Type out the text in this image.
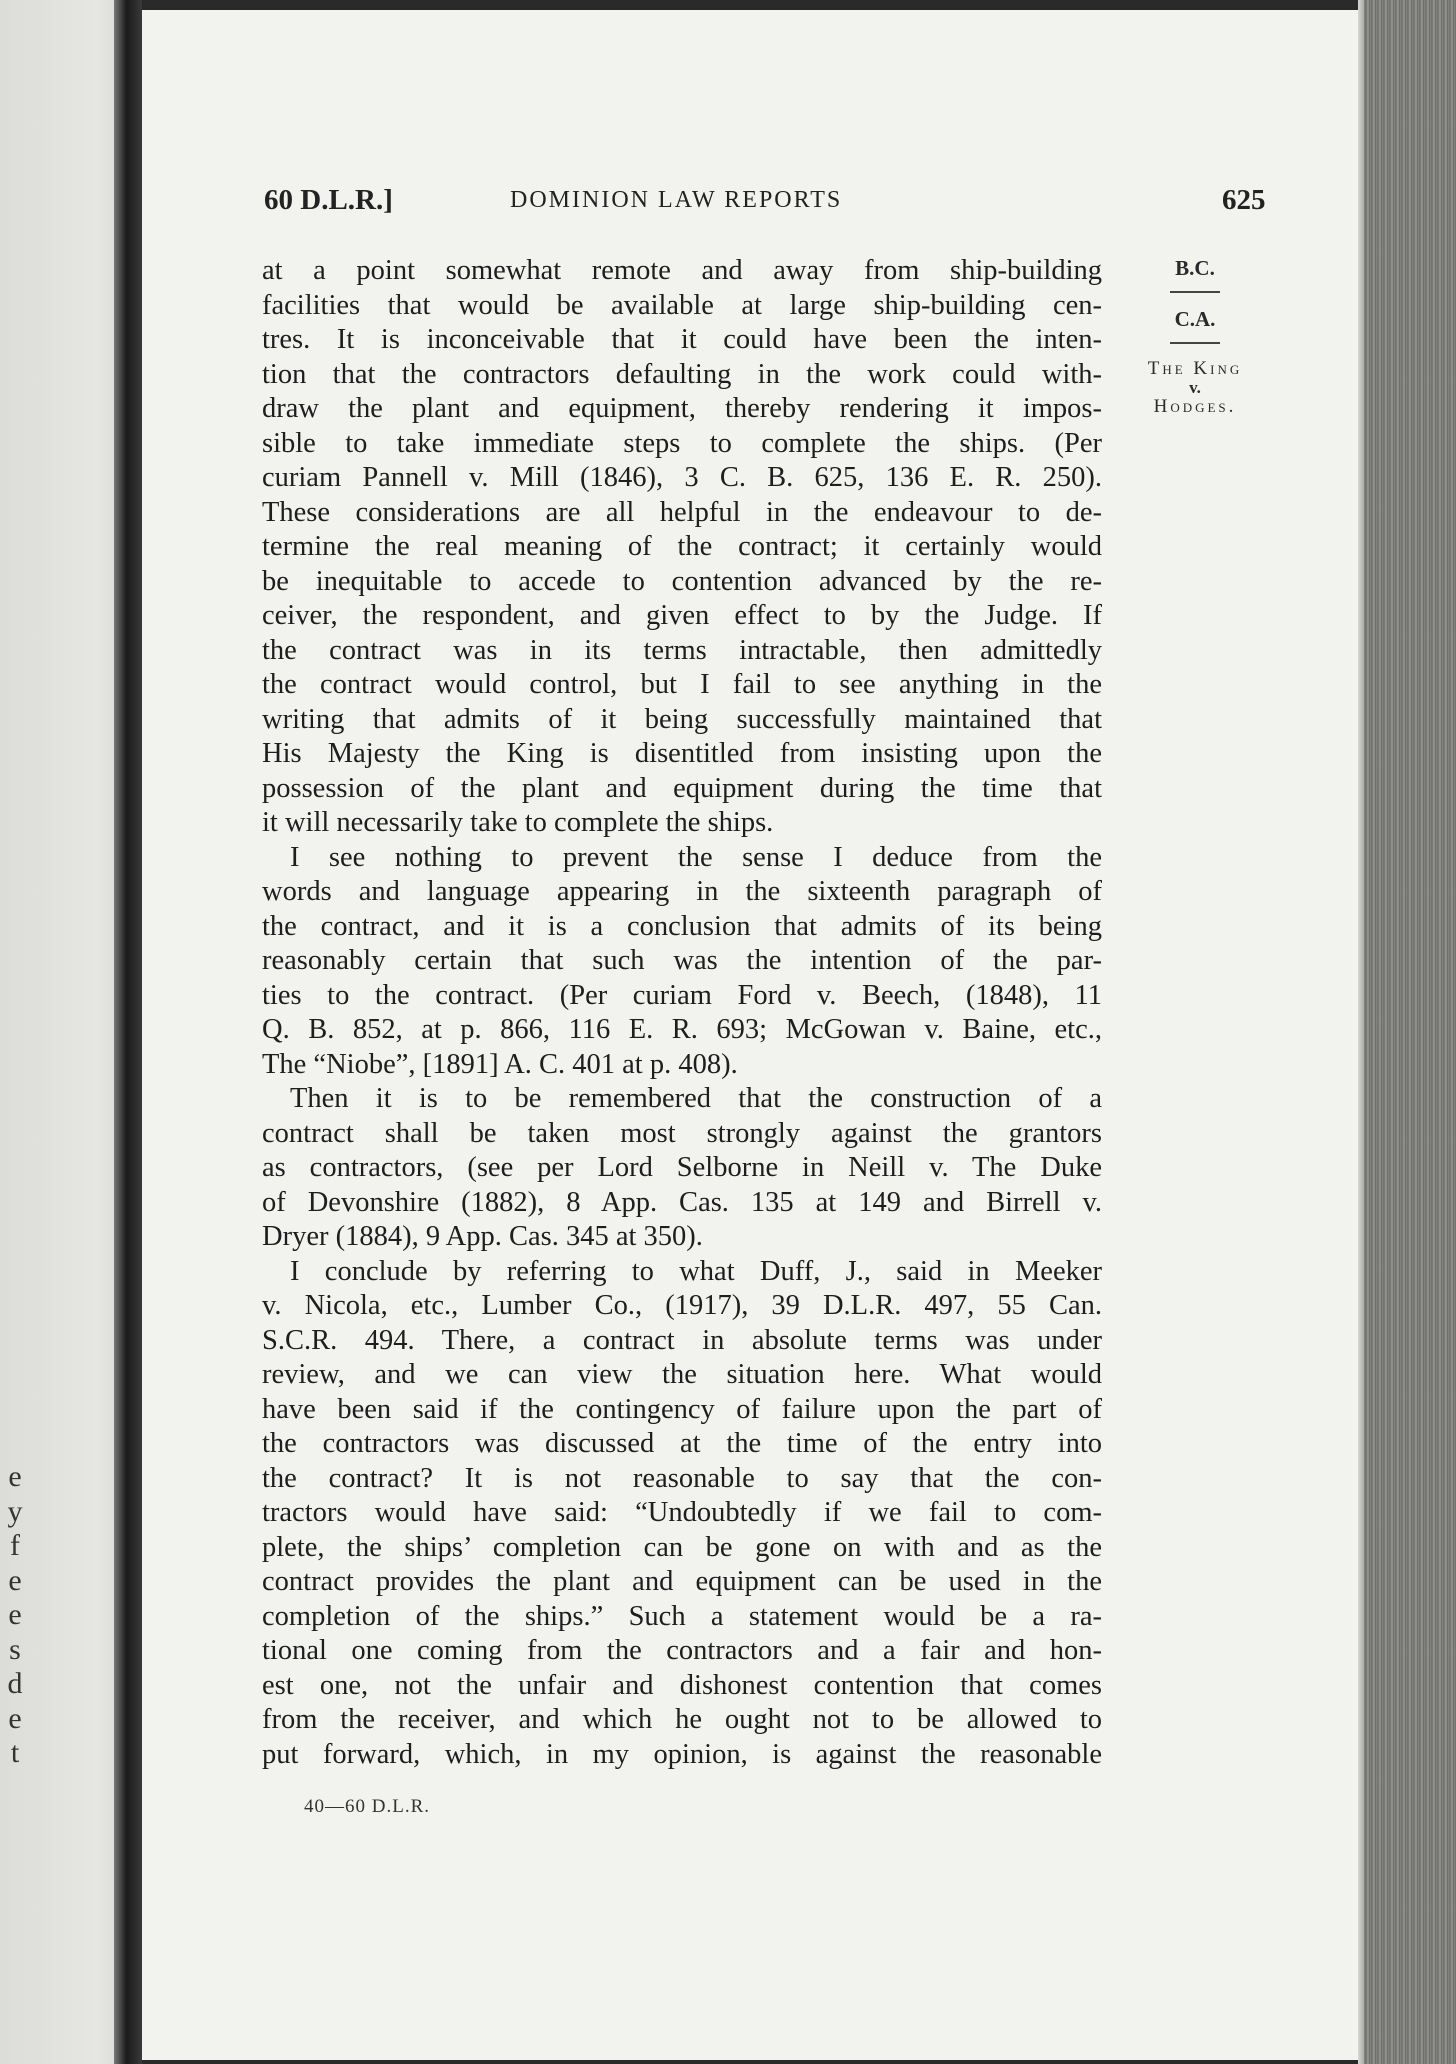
e
y
f
e
e
s
d
e
t
60 D.L.R.]	DOMINION LAW REPORTS	625
B.C.
C.A.
The King
v.
Hodges.
at a point somewhat remote and away from ship-building
facilities that would be available at large ship-building cen-
tres. It is inconceivable that it could have been the inten-
tion that the contractors defaulting in the work could with-
draw the plant and equipment, thereby rendering it impos-
sible to take immediate steps to complete the ships. (Per
curiam Pannell v. Mill (1846), 3 C. B. 625, 136 E. R. 250).
These considerations are all helpful in the endeavour to de-
termine the real meaning of the contract; it certainly would
be inequitable to accede to contention advanced by the re-
ceiver, the respondent, and given effect to by the Judge. If
the contract was in its terms intractable, then admittedly
the contract would control, but I fail to see anything in the
writing that admits of it being successfully maintained that
His Majesty the King is disentitled from insisting upon the
possession of the plant and equipment during the time that
it will necessarily take to complete the ships.
I see nothing to prevent the sense I deduce from the
words and language appearing in the sixteenth paragraph of
the contract, and it is a conclusion that admits of its being
reasonably certain that such was the intention of the par-
ties to the contract. (Per curiam Ford v. Beech, (1848), 11
Q. B. 852, at p. 866, 116 E. R. 693; McGowan v. Baine, etc.,
The “Niobe”, [1891] A. C. 401 at p. 408).
Then it is to be remembered that the construction of a
contract shall be taken most strongly against the grantors
as contractors, (see per Lord Selborne in Neill v. The Duke
of Devonshire (1882), 8 App. Cas. 135 at 149 and Birrell v.
Dryer (1884), 9 App. Cas. 345 at 350).
I conclude by referring to what Duff, J., said in Meeker
v. Nicola, etc., Lumber Co., (1917), 39 D.L.R. 497, 55 Can.
S.C.R. 494. There, a contract in absolute terms was under
review, and we can view the situation here. What would
have been said if the contingency of failure upon the part of
the contractors was discussed at the time of the entry into
the contract? It is not reasonable to say that the con-
tractors would have said: “Undoubtedly if we fail to com-
plete, the ships’ completion can be gone on with and as the
contract provides the plant and equipment can be used in the
completion of the ships.” Such a statement would be a ra-
tional one coming from the contractors and a fair and hon-
est one, not the unfair and dishonest contention that comes
from the receiver, and which he ought not to be allowed to
put forward, which, in my opinion, is against the reasonable
40—60 D.L.R.
